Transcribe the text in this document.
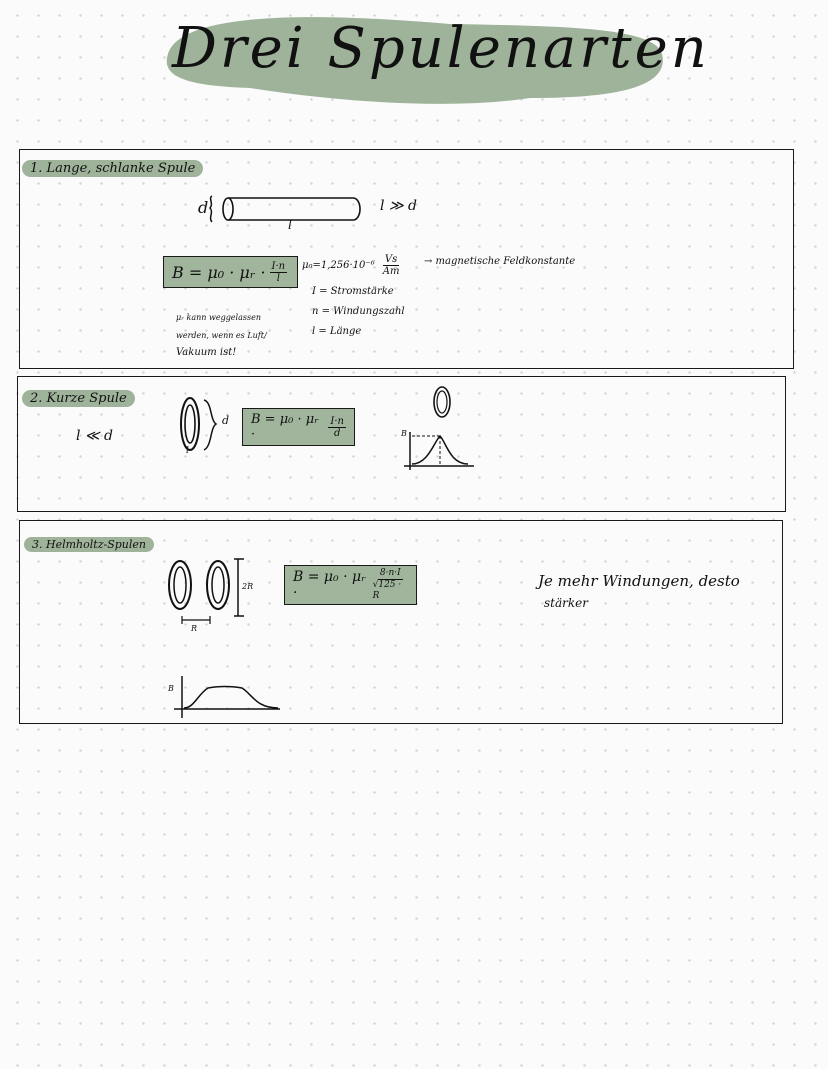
Drei Spulenarten
1. Lange, schlanke Spule
d
l
l ≫ d
B = μ₀ · μᵣ · $\frac{I\cdot n}{l} \mu_0=1,256\cdot 10^{-6} \frac{Vs}{Am}$ → magnetische Feldkonstante
I = Stromstärke
n = Windungszahl
l = Länge
μᵣ kann weggelassen
werden, wenn es Luft/
Vakuum ist!
2. Kurze Spule
l ≪ d
d
l
B = μ₀ · μᵣ ·	$\frac{I\cdot n}{d}$	B
3. Helmholtz-Spulen
2R
R
B = μ₀ · μᵣ ·	$\frac{8\cdot n\cdot I}{√125 \cdot R}$	Je mehr Windungen, desto
stärker
B
